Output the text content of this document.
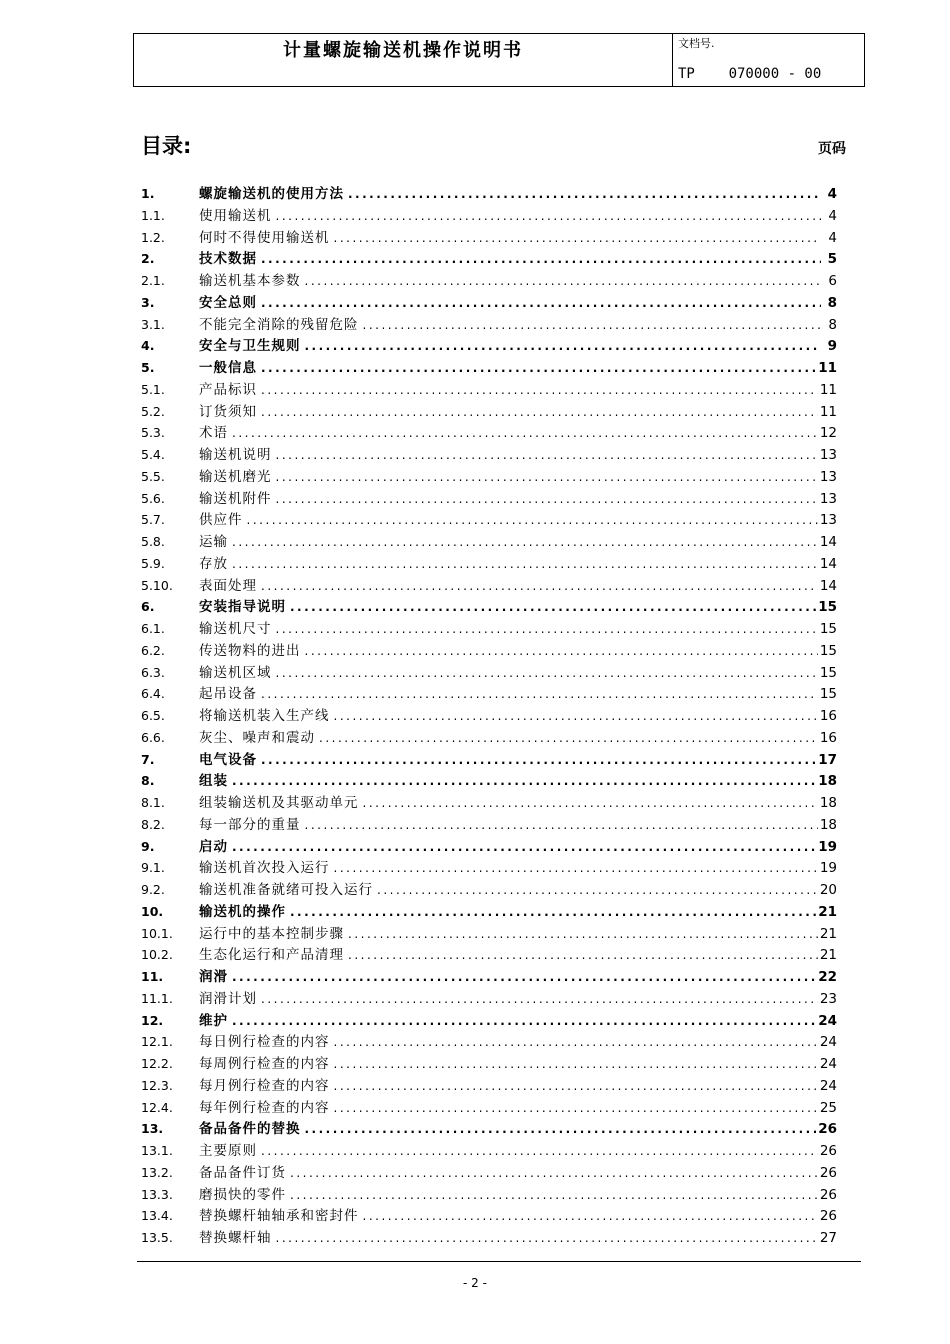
计量螺旋输送机操作说明书	文档号.
TP    070000 - 00
目录:	页码
1.	螺旋输送机的使用方法 .....	4
1.1.	使用输送机 .....	4
1.2.	何时不得使用输送机 .....	4
2.	技术数据 .....	5
2.1.	输送机基本参数 .....	6
3.	安全总则 .....	8
3.1.	不能完全消除的残留危险 .....	8
4.	安全与卫生规则 .....	9
5.	一般信息 .....	11
5.1.	产品标识 .....	11
5.2.	订货须知 .....	11
5.3.	术语 .....	12
5.4.	输送机说明 .....	13
5.5.	输送机磨光 .....	13
5.6.	输送机附件 .....	13
5.7.	供应件 .....	13
5.8.	运输 .....	14
5.9.	存放 .....	14
5.10.	表面处理 .....	14
6.	安装指导说明 .....	15
6.1.	输送机尺寸 .....	15
6.2.	传送物料的进出 .....	15
6.3.	输送机区域 .....	15
6.4.	起吊设备 .....	15
6.5.	将输送机装入生产线 .....	16
6.6.	灰尘、噪声和震动 .....	16
7.	电气设备 .....	17
8.	组装 .....	18
8.1.	组装输送机及其驱动单元 .....	18
8.2.	每一部分的重量 .....	18
9.	启动 .....	19
9.1.	输送机首次投入运行 .....	19
9.2.	输送机准备就绪可投入运行 .....	20
10.	输送机的操作 .....	21
10.1.	运行中的基本控制步骤 .....	21
10.2.	生态化运行和产品清理 .....	21
11.	润滑 .....	22
11.1.	润滑计划 .....	23
12.	维护 .....	24
12.1.	每日例行检查的内容 .....	24
12.2.	每周例行检查的内容 .....	24
12.3.	每月例行检查的内容 .....	24
12.4.	每年例行检查的内容 .....	25
13.	备品备件的替换 .....	26
13.1.	主要原则 .....	26
13.2.	备品备件订货 .....	26
13.3.	磨损快的零件 .....	26
13.4.	替换螺杆轴轴承和密封件 .....	26
13.5.	替换螺杆轴 .....	27
- 2 -
